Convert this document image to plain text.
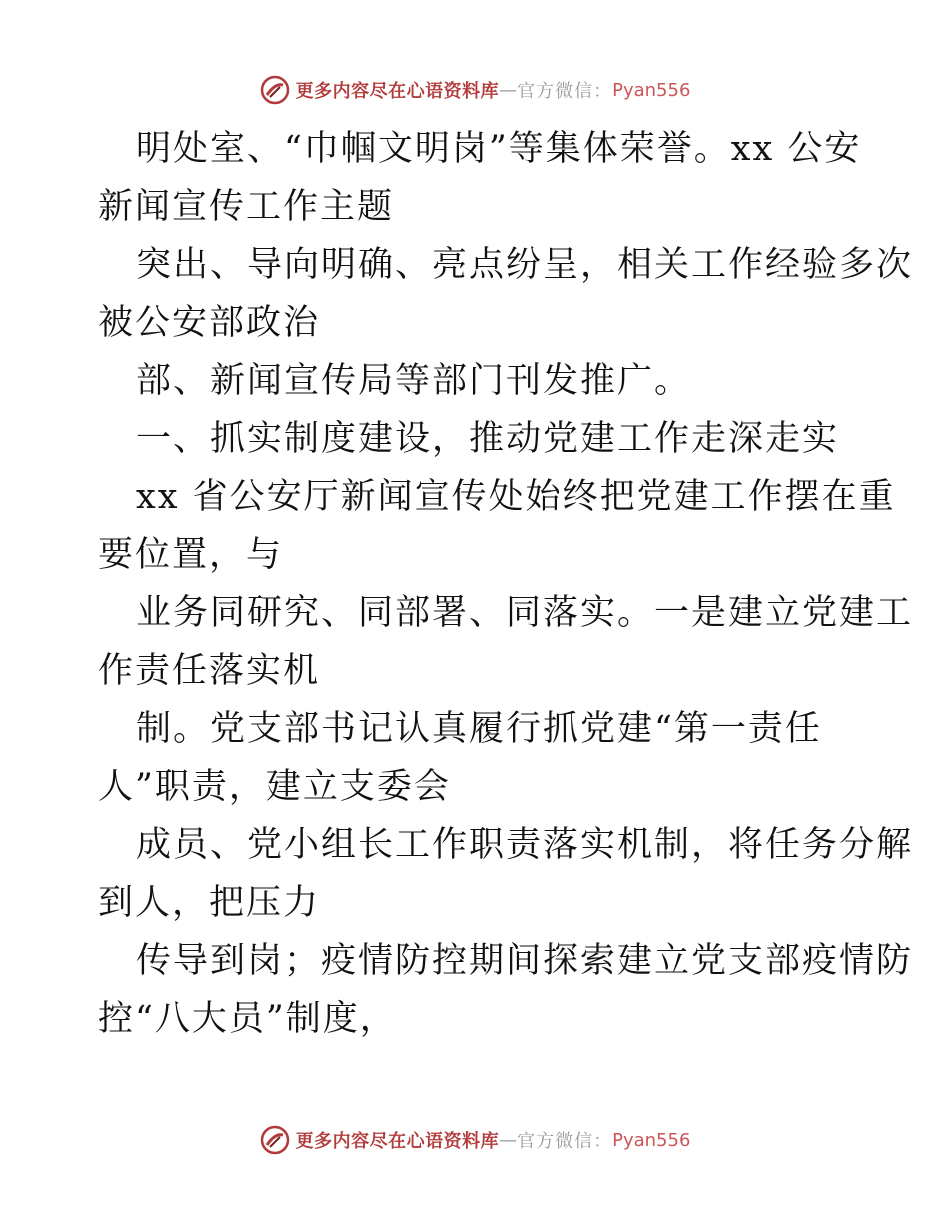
更多内容尽在心语资料库 — 官方微信： Pyan556
明处室、“巾帼文明岗”等集体荣誉。xx 公安
新闻宣传工作主题
突出、导向明确、亮点纷呈，相关工作经验多次
被公安部政治
部、新闻宣传局等部门刊发推广。
一、抓实制度建设，推动党建工作走深走实
xx 省公安厅新闻宣传处始终把党建工作摆在重
要位置，与
业务同研究、同部署、同落实。一是建立党建工
作责任落实机
制。党支部书记认真履行抓党建“第一责任
人”职责，建立支委会
成员、党小组长工作职责落实机制，将任务分解
到人，把压力
传导到岗；疫情防控期间探索建立党支部疫情防
控“八大员”制度，
更多内容尽在心语资料库 — 官方微信： Pyan556
